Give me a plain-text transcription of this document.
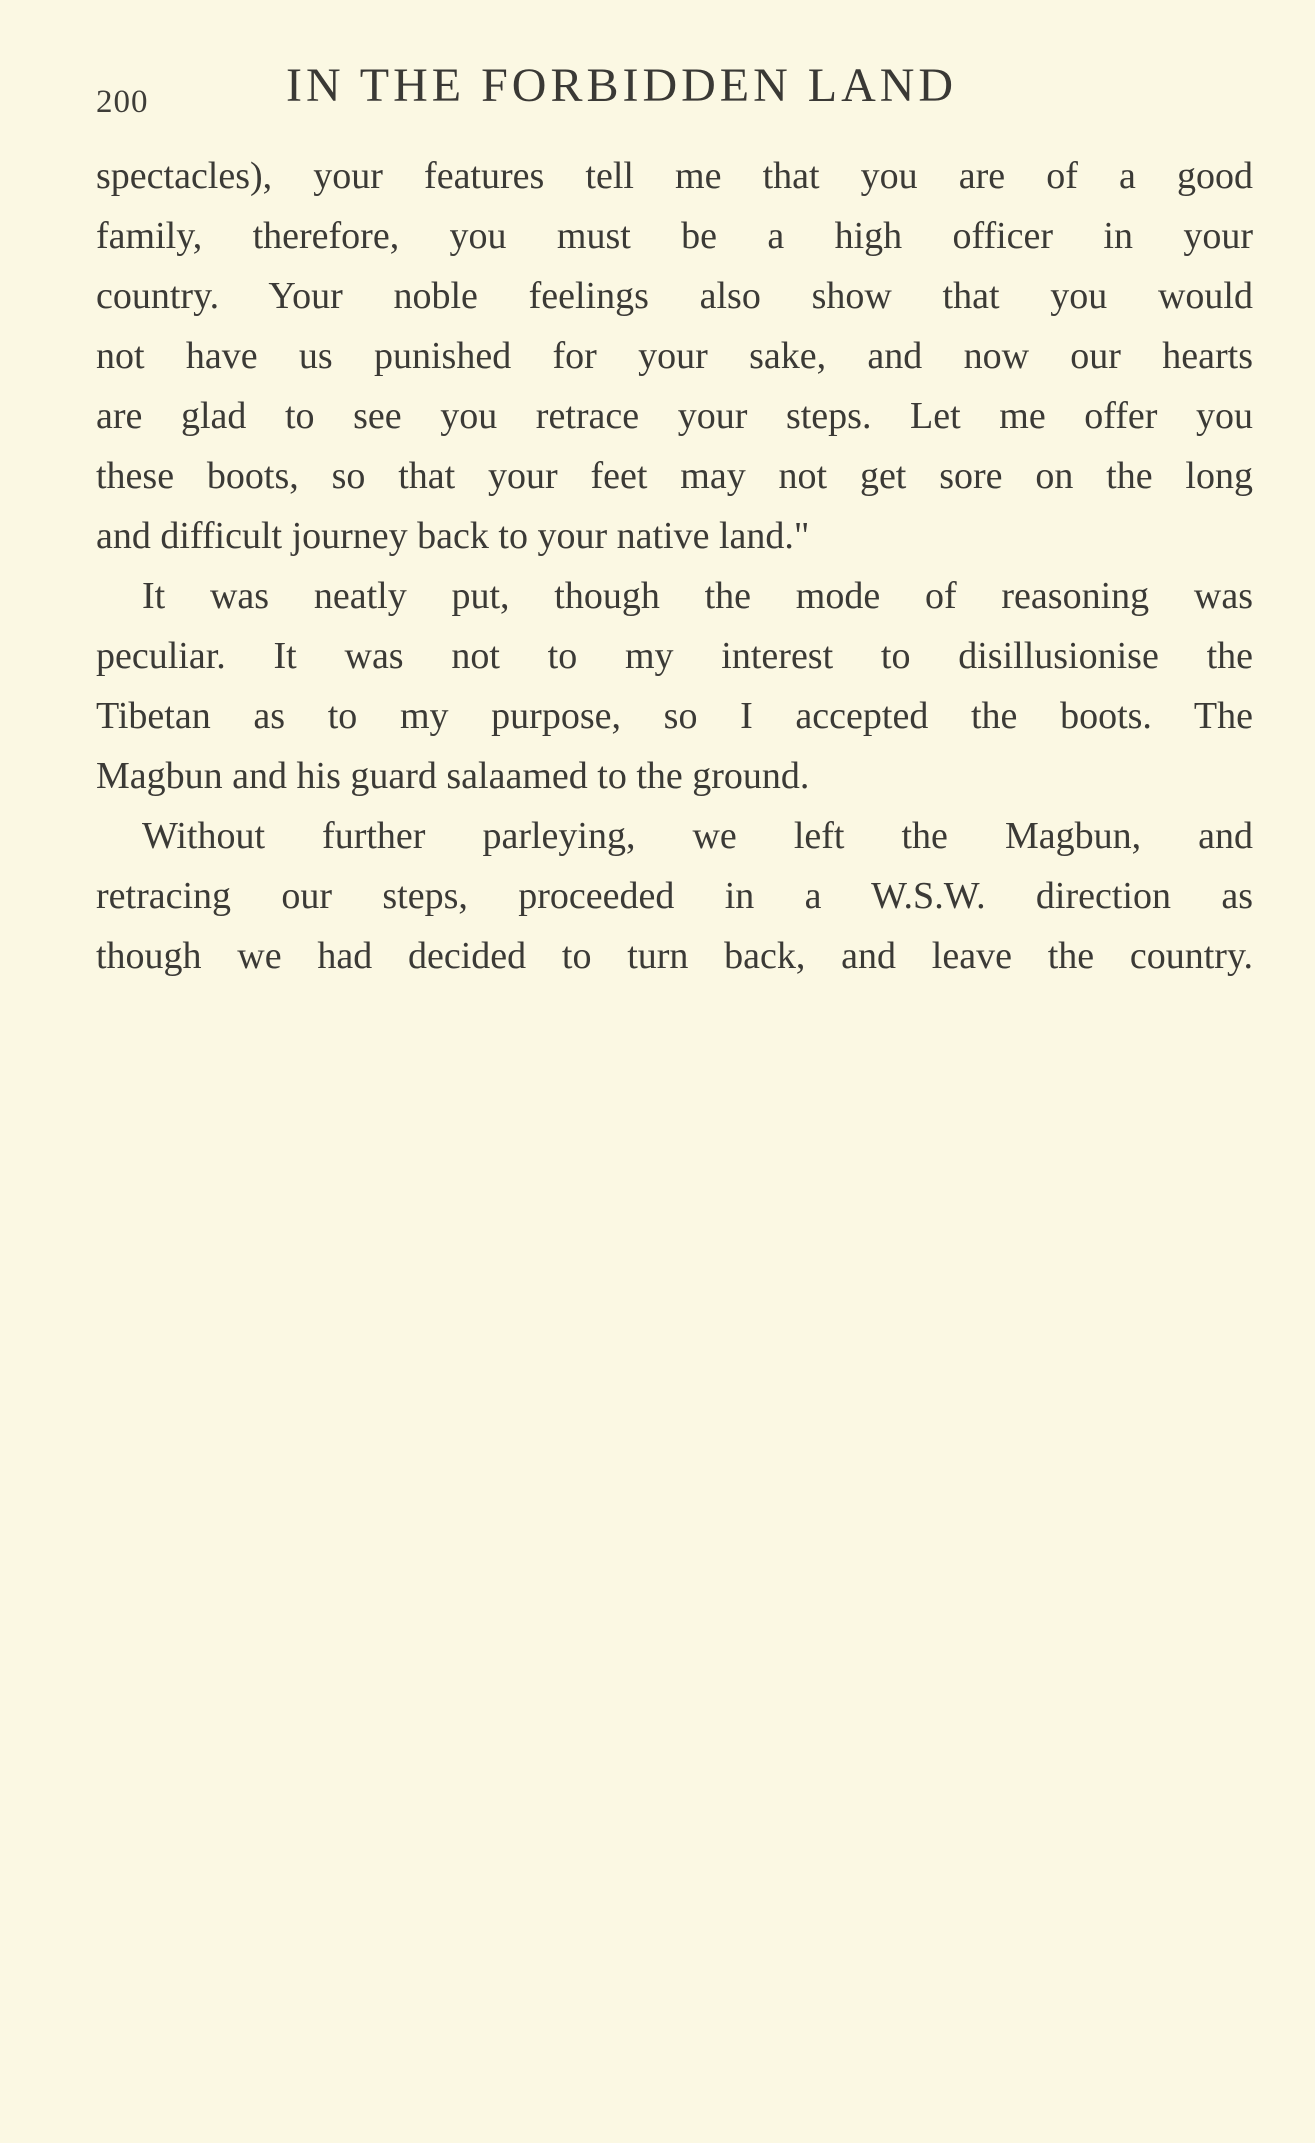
200	IN THE FORBIDDEN LAND
spectacles), your features tell me that you are of a good
family, therefore, you must be a high officer in your
country. Your noble feelings also show that you would
not have us punished for your sake, and now our hearts
are glad to see you retrace your steps. Let me offer you
these boots, so that your feet may not get sore on the long
and difficult journey back to your native land."
It was neatly put, though the mode of reasoning was
peculiar. It was not to my interest to disillusionise the
Tibetan as to my purpose, so I accepted the boots. The
Magbun and his guard salaamed to the ground.
Without further parleying, we left the Magbun, and
retracing our steps, proceeded in a W.S.W. direction as
though we had decided to turn back, and leave the country.
